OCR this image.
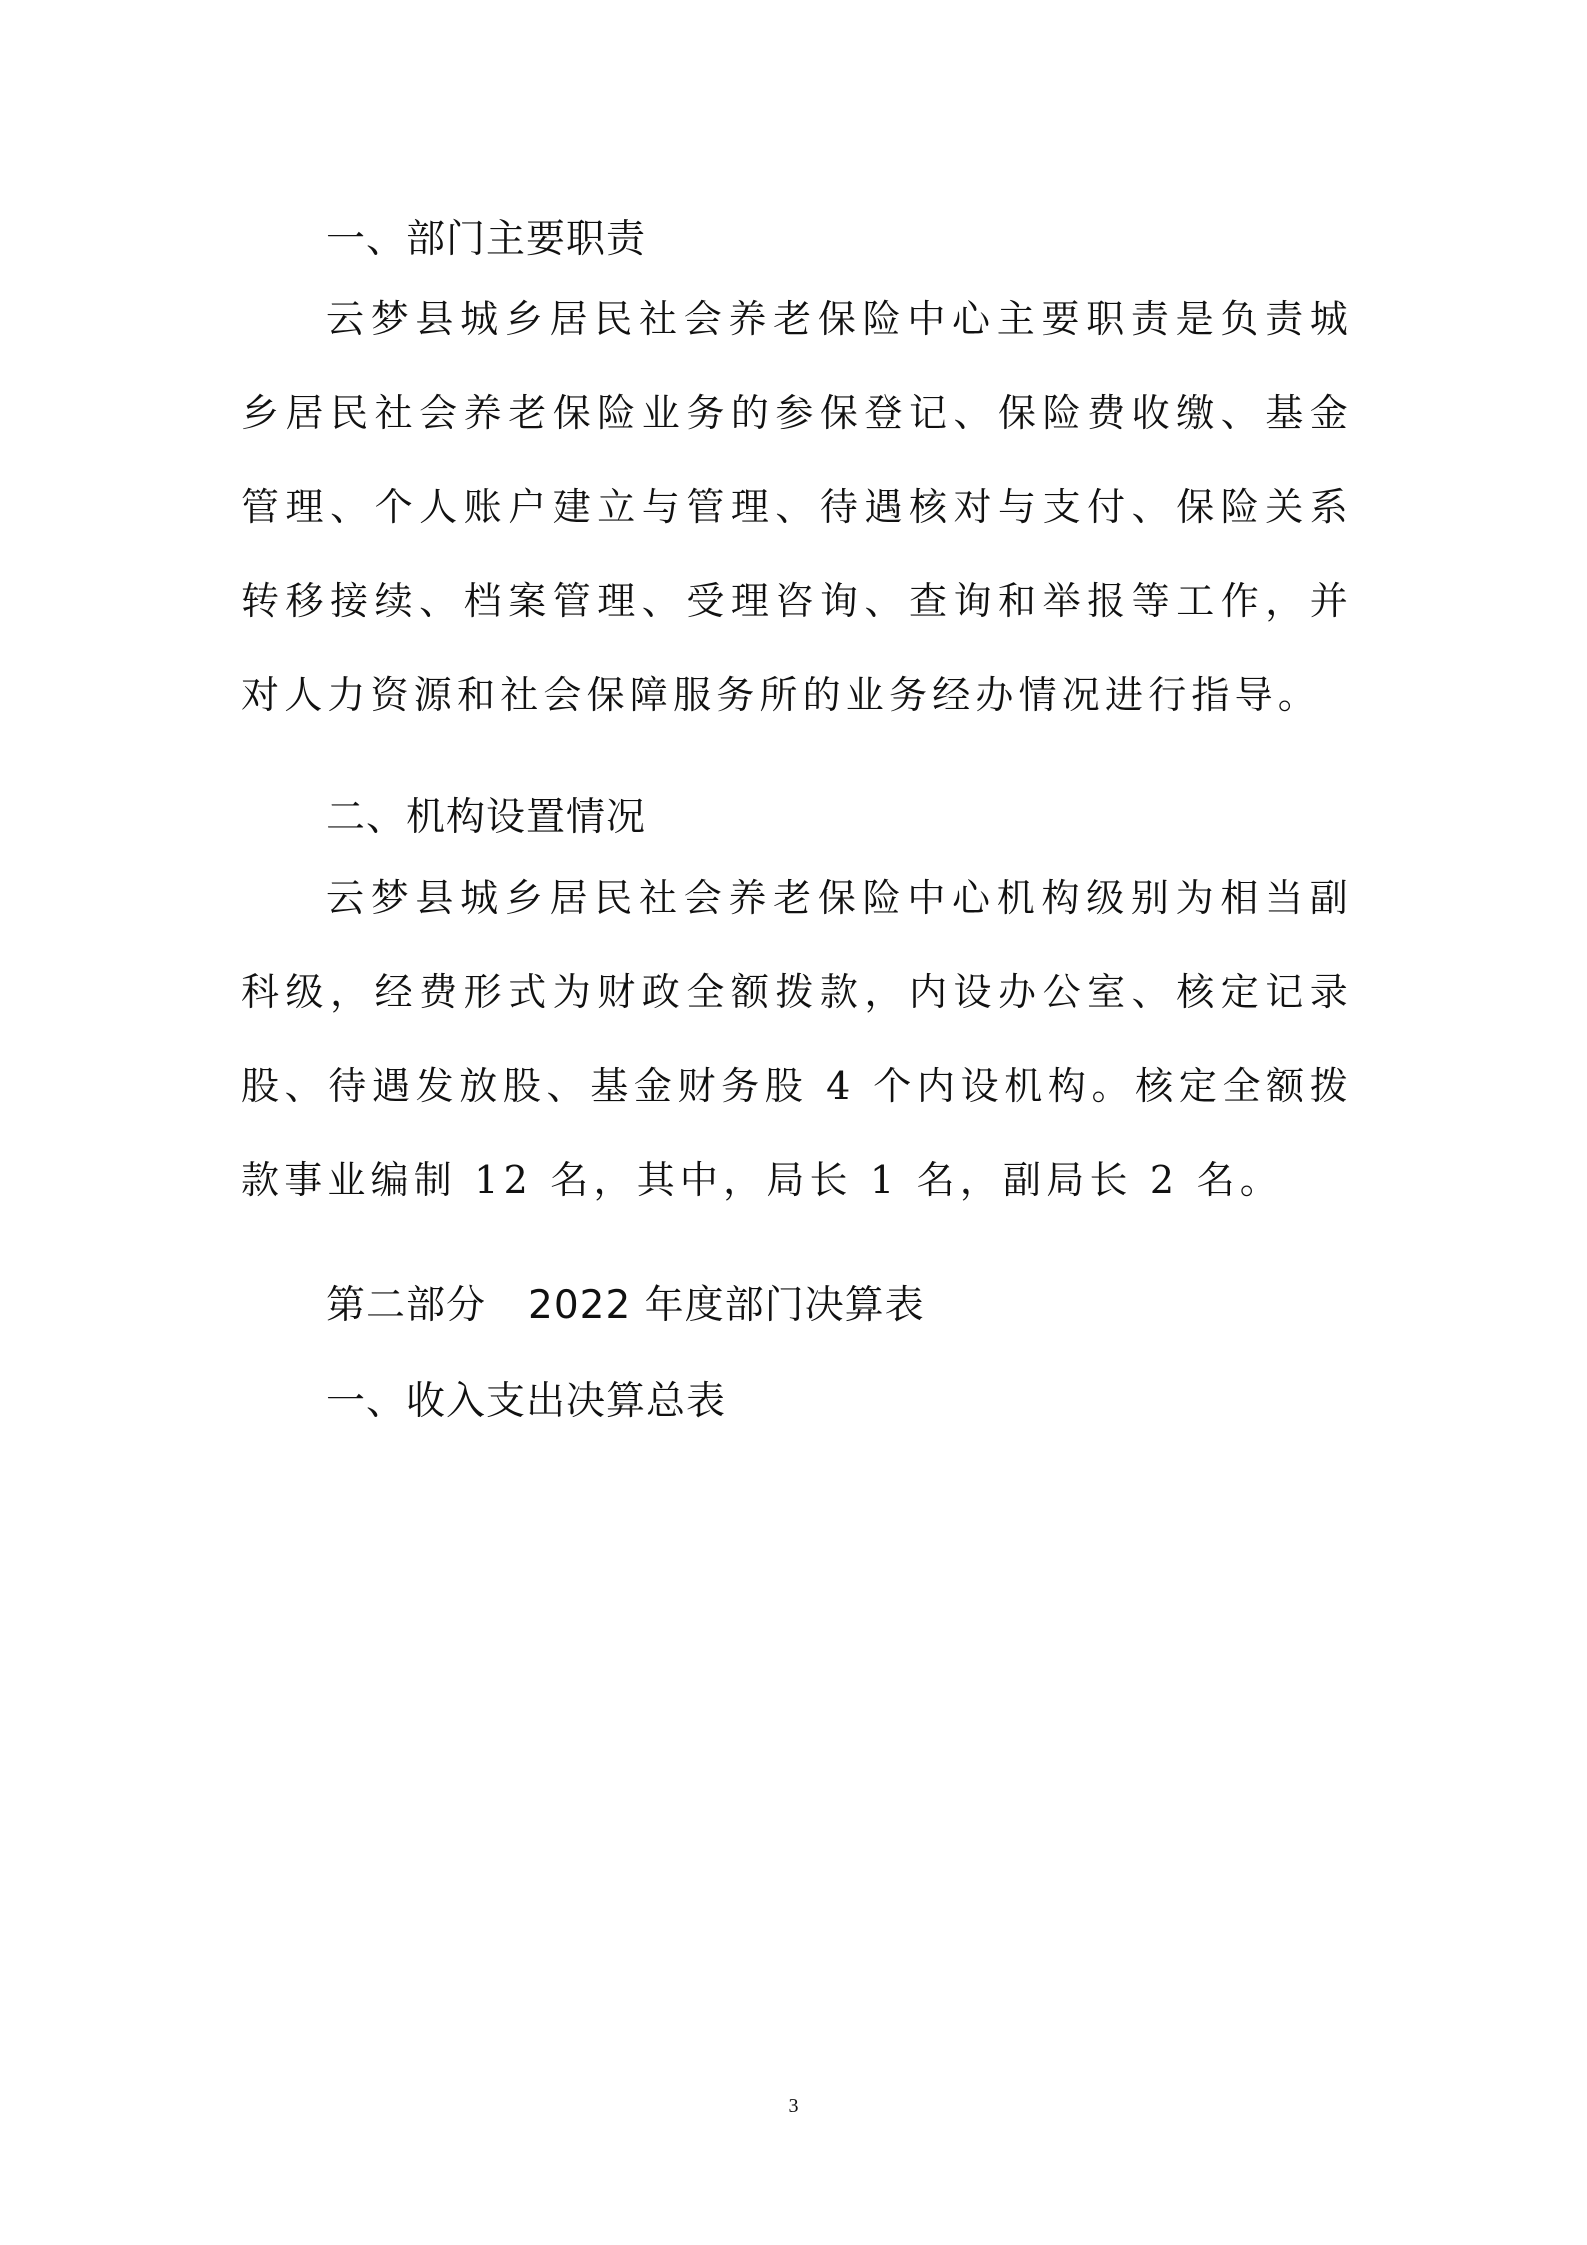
一、部门主要职责

云梦县城乡居民社会养老保险中心主要职责是负责城乡居民社会养老保险业务的参保登记、保险费收缴、基金管理、个人账户建立与管理、待遇核对与支付、保险关系转移接续、档案管理、受理咨询、查询和举报等工作，并对人力资源和社会保障服务所的业务经办情况进行指导。

二、机构设置情况

云梦县城乡居民社会养老保险中心机构级别为相当副科级，经费形式为财政全额拨款，内设办公室、核定记录股、待遇发放股、基金财务股 4 个内设机构。核定全额拨款事业编制 12 名，其中，局长 1 名，副局长 2 名。

第二部分 2022 年度部门决算表
一、收入支出决算总表
3
